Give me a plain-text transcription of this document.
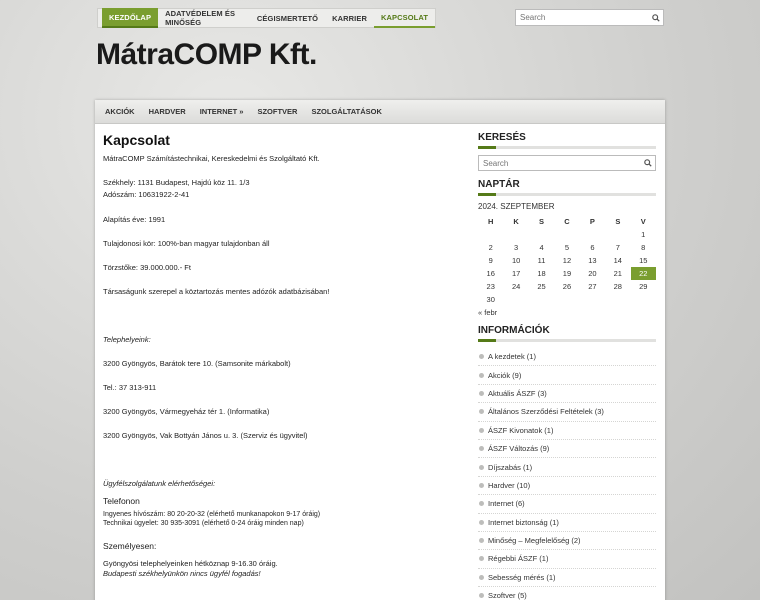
KEZDŐLAP	ADATVÉDELEM ÉS MINŐSÉG	CÉGISMERTETŐ	KARRIER	KAPCSOLAT
Search
MátraCOMP Kft.
AKCIÓK	HARDVER	INTERNET »	SZOFTVER	SZOLGÁLTATÁSOK
Kapcsolat

MátraCOMP Számítástechnikai, Kereskedelmi és Szolgáltató Kft.

Székhely: 1131 Budapest, Hajdú köz 11. 1/3

Adószám: 10631922-2-41

Alapítás éve: 1991

Tulajdonosi kör: 100%-ban magyar tulajdonban áll

Törzstőke: 39.000.000.- Ft

Társaságunk szerepel a köztartozás mentes adózók adatbázisában!

Telephelyeink:

3200 Gyöngyös, Barátok tere 10. (Samsonite márkabolt)

Tel.: 37 313-911

3200 Gyöngyös, Vármegyeház tér 1. (Informatika)

3200 Gyöngyös, Vak Bottyán János u. 3. (Szerviz és ügyvitel)

Ügyfélszolgálatunk elérhetőségei:

Telefonon

Ingyenes hívószám: 80 20-20-32 (elérhető munkanapokon 9-17 óráig)

Technikai ügyelet: 30 935-3091 (elérhető 0-24 óráig minden nap)

Személyesen:

Gyöngyösi telephelyeinken hétköznap 9-16.30 óráig.

Budapesti székhelyünkön nincs ügyfél fogadás!

KERESÉS
Search
NAPTÁR
2024. SZEPTEMBER
H	K	S	C	P	S	V
						1
2	3	4	5	6	7	8
9	10	11	12	13	14	15
16	17	18	19	20	21	22
23	24	25	26	27	28	29
30						
« febr
INFORMÁCIÓK
A kezdetek (1)
Akciók (9)
Aktuális ÁSZF (3)
Általános Szerződési Feltételek (3)
ÁSZF Kivonatok (1)
ÁSZF Változás (9)
Díjszabás (1)
Hardver (10)
Internet (6)
Internet biztonság (1)
Minőség – Megfelelőség (2)
Régebbi ÁSZF (1)
Sebesség mérés (1)
Szoftver (5)
